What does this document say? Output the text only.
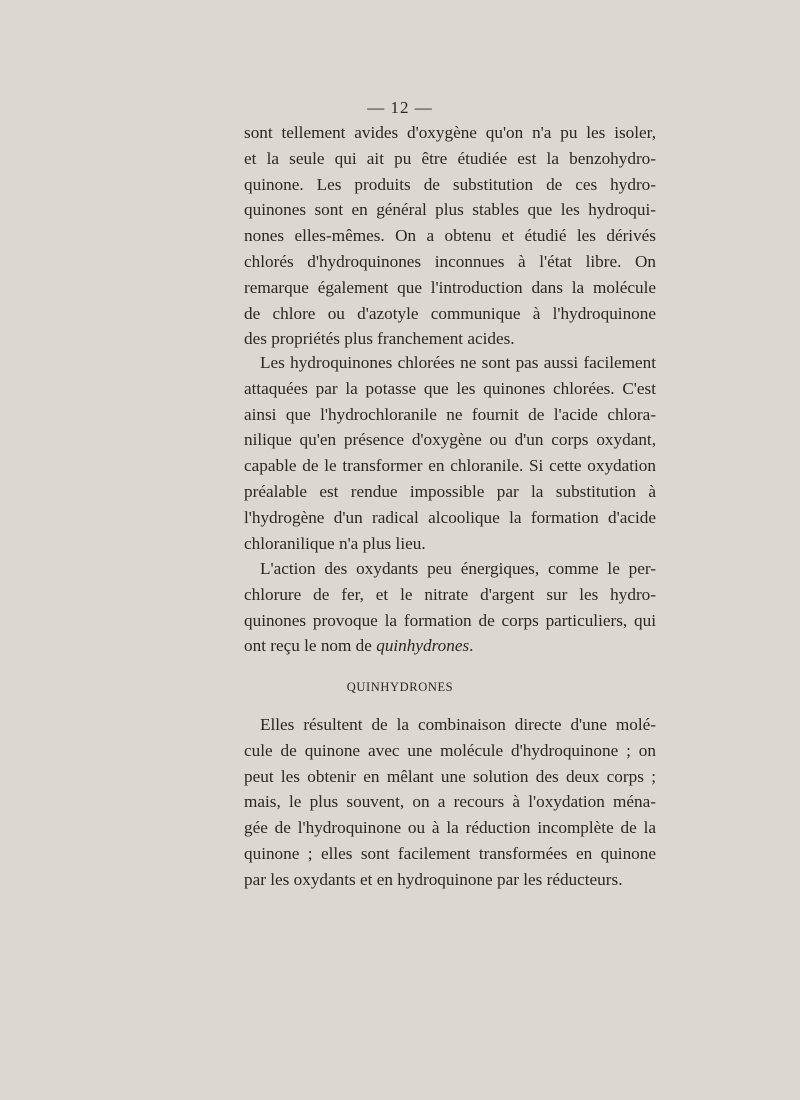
— 12 —
sont tellement avides d'oxygène qu'on n'a pu les isoler,
et la seule qui ait pu être étudiée est la benzohydro-
quinone. Les produits de substitution de ces hydro-
quinones sont en général plus stables que les hydroqui-
nones elles-mêmes. On a obtenu et étudié les dérivés
chlorés d'hydroquinones inconnues à l'état libre. On
remarque également que l'introduction dans la molécule
de chlore ou d'azotyle communique à l'hydroquinone
des propriétés plus franchement acides.
Les hydroquinones chlorées ne sont pas aussi facilement
attaquées par la potasse que les quinones chlorées. C'est
ainsi que l'hydrochloranile ne fournit de l'acide chlora-
nilique qu'en présence d'oxygène ou d'un corps oxydant,
capable de le transformer en chloranile. Si cette oxydation
préalable est rendue impossible par la substitution à
l'hydrogène d'un radical alcoolique la formation d'acide
chloranilique n'a plus lieu.
L'action des oxydants peu énergiques, comme le per-
chlorure de fer, et le nitrate d'argent sur les hydro-
quinones provoque la formation de corps particuliers, qui
ont reçu le nom de quinhydrones.
QUINHYDRONES
Elles résultent de la combinaison directe d'une molé-
cule de quinone avec une molécule d'hydroquinone ; on
peut les obtenir en mêlant une solution des deux corps ;
mais, le plus souvent, on a recours à l'oxydation ména-
gée de l'hydroquinone ou à la réduction incomplète de la
quinone ; elles sont facilement transformées en quinone
par les oxydants et en hydroquinone par les réducteurs.
